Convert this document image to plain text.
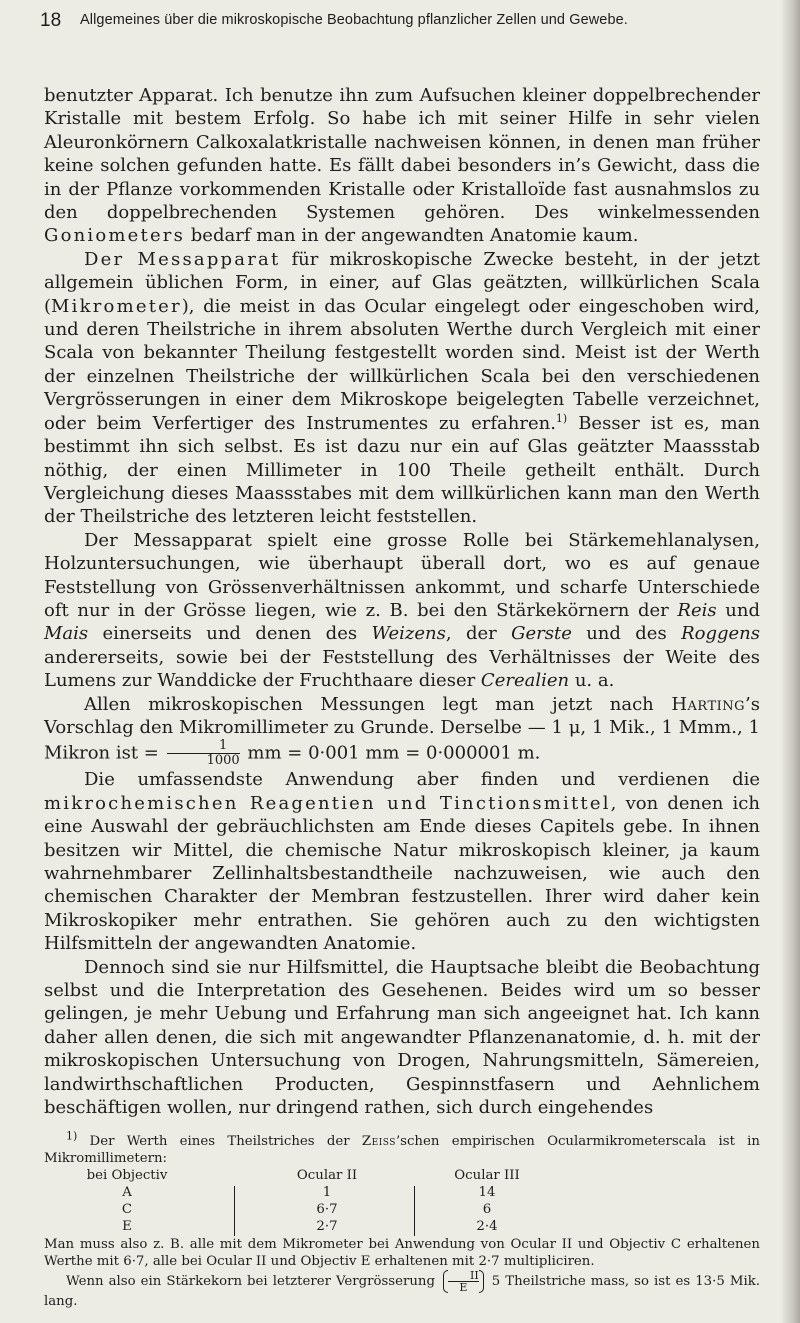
18 Allgemeines über die mikroskopische Beobachtung pflanzlicher Zellen und Gewebe.

benutzter Apparat. Ich benutze ihn zum Aufsuchen kleiner doppelbrechender Kristalle mit bestem Erfolg. So habe ich mit seiner Hilfe in sehr vielen Aleuronkörnern Calkoxalatkristalle nachweisen können, in denen man früher keine solchen gefunden hatte. Es fällt dabei besonders in’s Gewicht, dass die in der Pflanze vorkommenden Kristalle oder Kristalloïde fast ausnahmslos zu den doppelbrechenden Systemen gehören. Des winkelmessenden Goniometers bedarf man in der angewandten Anatomie kaum.

Der Messapparat für mikroskopische Zwecke besteht, in der jetzt allgemein üblichen Form, in einer, auf Glas geätzten, willkürlichen Scala (Mikrometer), die meist in das Ocular eingelegt oder eingeschoben wird, und deren Theilstriche in ihrem absoluten Werthe durch Vergleich mit einer Scala von bekannter Theilung festgestellt worden sind. Meist ist der Werth der einzelnen Theilstriche der willkürlichen Scala bei den verschiedenen Vergrösserungen in einer dem Mikroskope beigelegten Tabelle verzeichnet, oder beim Verfertiger des Instrumentes zu erfahren.$^{1)}$ Besser ist es, man bestimmt ihn sich selbst. Es ist dazu nur ein auf Glas geätzter Maassstab nöthig, der einen Millimeter in 100 Theile getheilt enthält. Durch Vergleichung dieses Maassstabes mit dem willkürlichen kann man den Werth der Theilstriche des letzteren leicht feststellen.

Der Messapparat spielt eine grosse Rolle bei Stärkemehlanalysen, Holzuntersuchungen, wie überhaupt überall dort, wo es auf genaue Feststellung von Grössenverhältnissen ankommt, und scharfe Unterschiede oft nur in der Grösse liegen, wie z. B. bei den Stärkekörnern der Reis und Mais einerseits und denen des Weizens, der Gerste und des Roggens andererseits, sowie bei der Feststellung des Verhältnisses der Weite des Lumens zur Wanddicke der Fruchthaare dieser Cerealien u. a.

Allen mikroskopischen Messungen legt man jetzt nach Harting’s Vorschlag den Mikromillimeter zu Grunde. Derselbe — 1 μ, 1 Mik., 1 Mmm., 1 Mikron ist = $\frac{1}{1000}$ mm = 0·001 mm = 0·000001 m.

Die umfassendste Anwendung aber finden und verdienen die mikrochemischen Reagentien und Tinctionsmittel, von denen ich eine Auswahl der gebräuchlichsten am Ende dieses Capitels gebe. In ihnen besitzen wir Mittel, die chemische Natur mikroskopisch kleiner, ja kaum wahrnehmbarer Zellinhaltsbestandtheile nachzuweisen, wie auch den chemischen Charakter der Membran festzustellen. Ihrer wird daher kein Mikroskopiker mehr entrathen. Sie gehören auch zu den wichtigsten Hilfsmitteln der angewandten Anatomie.

Dennoch sind sie nur Hilfsmittel, die Hauptsache bleibt die Beobachtung selbst und die Interpretation des Gesehenen. Beides wird um so besser gelingen, je mehr Uebung und Erfahrung man sich angeeignet hat. Ich kann daher allen denen, die sich mit angewandter Pflanzenanatomie, d. h. mit der mikroskopischen Untersuchung von Drogen, Nahrungsmitteln, Sämereien, landwirthschaftlichen Producten, Gespinnstfasern und Aehnlichem beschäftigen wollen, nur dringend rathen, sich durch eingehendes

$^{1)}$ Der Werth eines Theilstriches der Zeiss’schen empirischen Ocularmikrometerscala ist in Mikromillimetern:

bei Objectiv
A
C
E
Ocular II
1
6·7
2·7
Ocular III
14
6
2·4

Man muss also z. B. alle mit dem Mikrometer bei Anwendung von Ocular II und Objectiv C erhaltenen Werthe mit 6·7, alle bei Ocular II und Objectiv E erhaltenen mit 2·7 multipliciren.

Wenn also ein Stärkekorn bei letzterer Vergrösserung $\frac{II}{E} 5$ Theilstriche mass, so ist es 13·5 Mik. lang.
